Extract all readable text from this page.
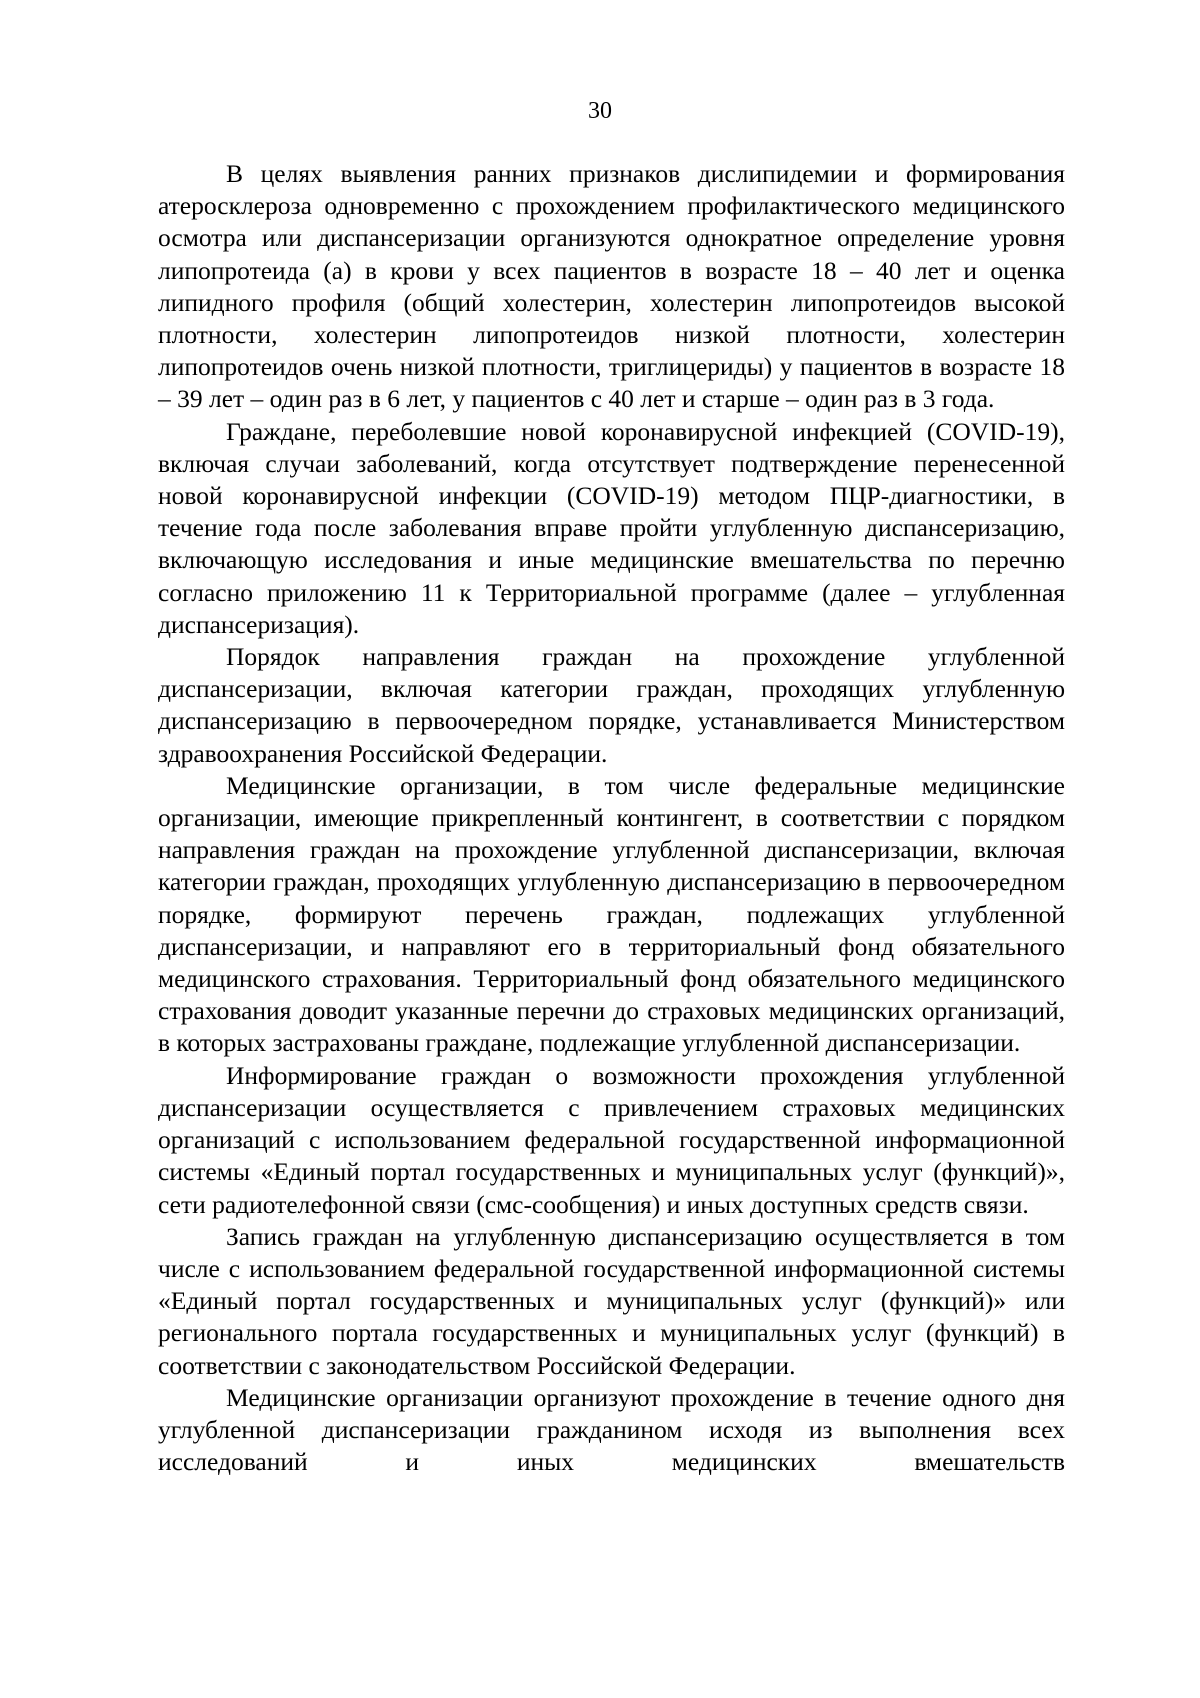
30

В целях выявления ранних признаков дислипидемии и формирования атеросклероза одновременно с прохождением профилактического медицинского осмотра или диспансеризации организуются однократное определение уровня липопротеида (а) в крови у всех пациентов в возрасте 18 – 40 лет и оценка липидного профиля (общий холестерин, холестерин липопротеидов высокой плотности, холестерин липопротеидов низкой плотности, холестерин липопротеидов очень низкой плотности, триглицериды) у пациентов в возрасте 18 – 39 лет – один раз в 6 лет, у пациентов с 40 лет и старше – один раз в 3 года.

Граждане, переболевшие новой коронавирусной инфекцией (COVID-19), включая случаи заболеваний, когда отсутствует подтверждение перенесенной новой коронавирусной инфекции (COVID-19) методом ПЦР-диагностики, в течение года после заболевания вправе пройти углубленную диспансеризацию, включающую исследования и иные медицинские вмешательства по перечню согласно приложению 11 к Территориальной программе (далее – углубленная диспансеризация).

Порядок направления граждан на прохождение углубленной диспансеризации, включая категории граждан, проходящих углубленную диспансеризацию в первоочередном порядке, устанавливается Министерством здравоохранения Российской Федерации.

Медицинские организации, в том числе федеральные медицинские организации, имеющие прикрепленный контингент, в соответствии с порядком направления граждан на прохождение углубленной диспансеризации, включая категории граждан, проходящих углубленную диспансеризацию в первоочередном порядке, формируют перечень граждан, подлежащих углубленной диспансеризации, и направляют его в территориальный фонд обязательного медицинского страхования. Территориальный фонд обязательного медицинского страхования доводит указанные перечни до страховых медицинских организаций, в которых застрахованы граждане, подлежащие углубленной диспансеризации.

Информирование граждан о возможности прохождения углубленной диспансеризации осуществляется с привлечением страховых медицинских организаций с использованием федеральной государственной информационной системы «Единый портал государственных и муниципальных услуг (функций)», сети радиотелефонной связи (смс-сообщения) и иных доступных средств связи.

Запись граждан на углубленную диспансеризацию осуществляется в том числе с использованием федеральной государственной информационной системы «Единый портал государственных и муниципальных услуг (функций)» или регионального портала государственных и муниципальных услуг (функций) в соответствии с законодательством Российской Федерации.

Медицинские организации организуют прохождение в течение одного дня углубленной диспансеризации гражданином исходя из выполнения всех исследований и иных медицинских вмешательств
